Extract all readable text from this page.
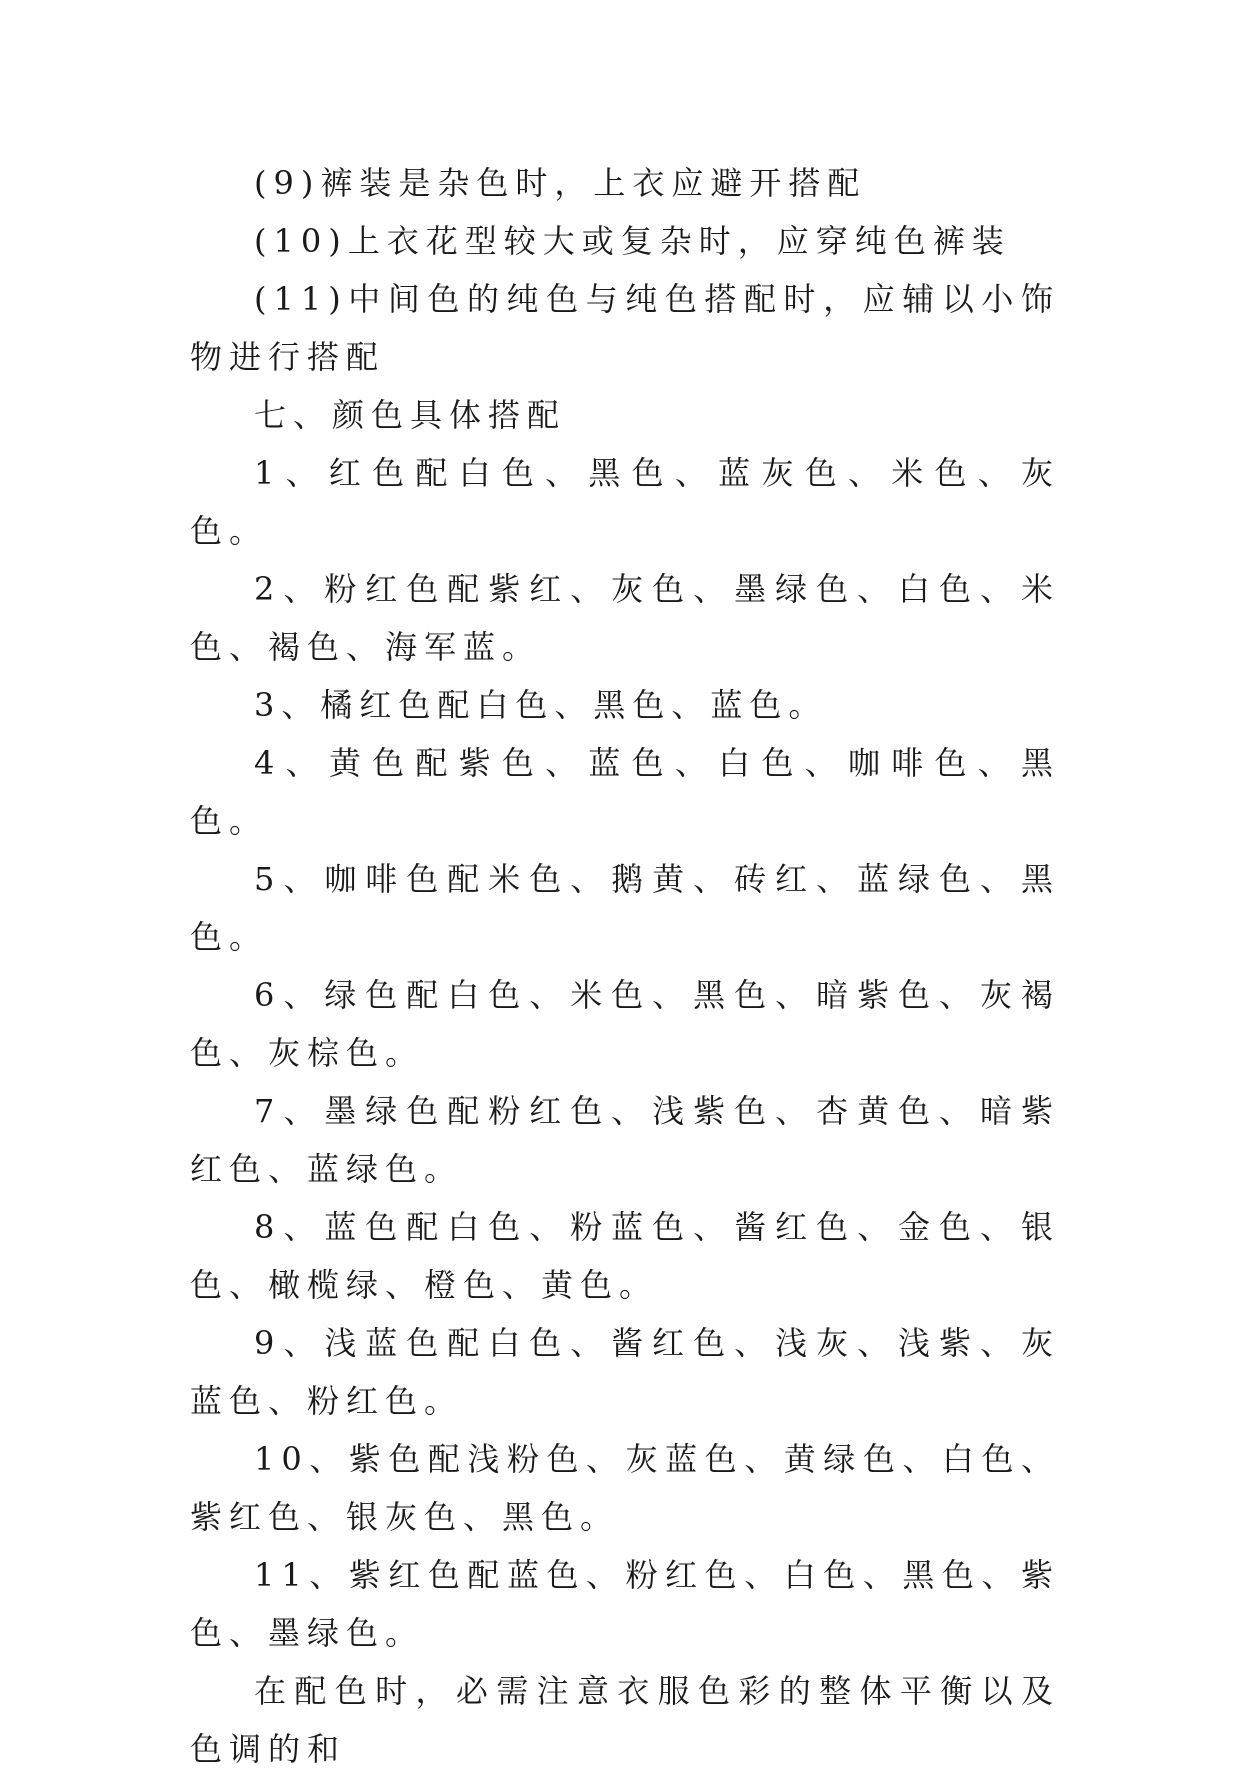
(9)裤装是杂色时，上衣应避开搭配

(10)上衣花型较大或复杂时，应穿纯色裤装

(11)中间色的纯色与纯色搭配时，应辅以小饰物进行搭配

七、颜色具体搭配

1、红色配白色、黑色、蓝灰色、米色、灰色。

2、粉红色配紫红、灰色、墨绿色、白色、米色、褐色、海军蓝。

3、橘红色配白色、黑色、蓝色。

4、黄色配紫色、蓝色、白色、咖啡色、黑色。

5、咖啡色配米色、鹅黄、砖红、蓝绿色、黑色。

6、绿色配白色、米色、黑色、暗紫色、灰褐色、灰棕色。

7、墨绿色配粉红色、浅紫色、杏黄色、暗紫红色、蓝绿色。

8、蓝色配白色、粉蓝色、酱红色、金色、银色、橄榄绿、橙色、黄色。

9、浅蓝色配白色、酱红色、浅灰、浅紫、灰蓝色、粉红色。

10、紫色配浅粉色、灰蓝色、黄绿色、白色、紫红色、银灰色、黑色。

11、紫红色配蓝色、粉红色、白色、黑色、紫色、墨绿色。

在配色时，必需注意衣服色彩的整体平衡以及色调的和
